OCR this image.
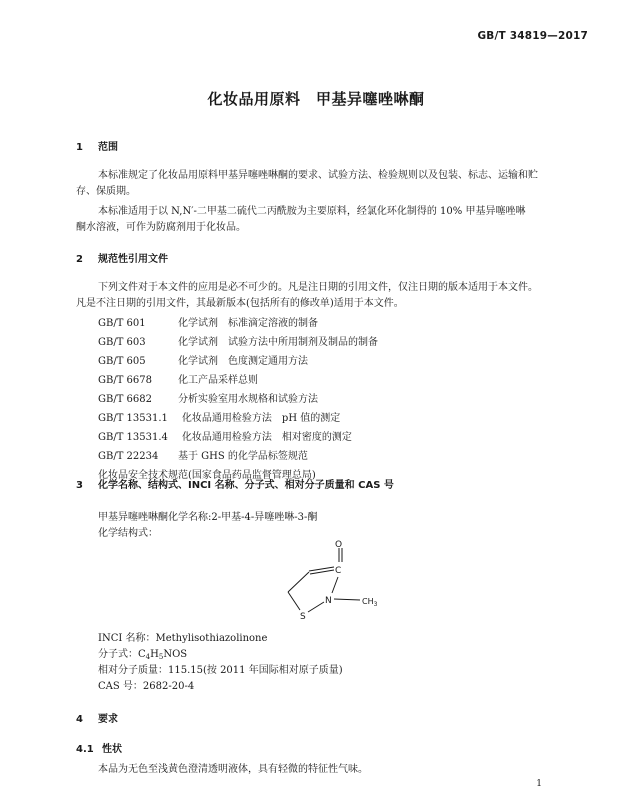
GB/T 34819—2017
化妆品用原料　甲基异噻唑啉酮
1 范围
本标准规定了化妆品用原料甲基异噻唑啉酮的要求、试验方法、检验规则以及包装、标志、运输和贮
存、保质期。
本标准适用于以 N,N′-二甲基二硫代二丙酰胺为主要原料，经氯化环化制得的 10% 甲基异噻唑啉
酮水溶液，可作为防腐剂用于化妆品。
2 规范性引用文件
下列文件对于本文件的应用是必不可少的。凡是注日期的引用文件，仅注日期的版本适用于本文件。
凡是不注日期的引用文件，其最新版本(包括所有的修改单)适用于本文件。
GB/T 601	化学试剂　标准滴定溶液的制备
GB/T 603	化学试剂　试验方法中所用制剂及制品的制备
GB/T 605	化学试剂　色度测定通用方法
GB/T 6678	化工产品采样总则
GB/T 6682	分析实验室用水规格和试验方法
GB/T 13531.1 化妆品通用检验方法　pH 值的测定
GB/T 13531.4 化妆品通用检验方法　相对密度的测定
GB/T 22234 基于 GHS 的化学品标签规范
化妆品安全技术规范(国家食品药品监督管理总局)
3 化学名称、结构式、INCI 名称、分子式、相对分子质量和 CAS 号
甲基异噻唑啉酮化学名称:2-甲基-4-异噻唑啉-3-酮
化学结构式：
O
C
N
S
$CH_3$
INCI 名称：Methylisothiazolinone
分子式：$C_4H_5NOS$
相对分子质量：115.15(按 2011 年国际相对原子质量)
CAS 号：2682-20-4
4 要求
4.1 性状
本品为无色至浅黄色澄清透明液体，具有轻微的特征性气味。
1
